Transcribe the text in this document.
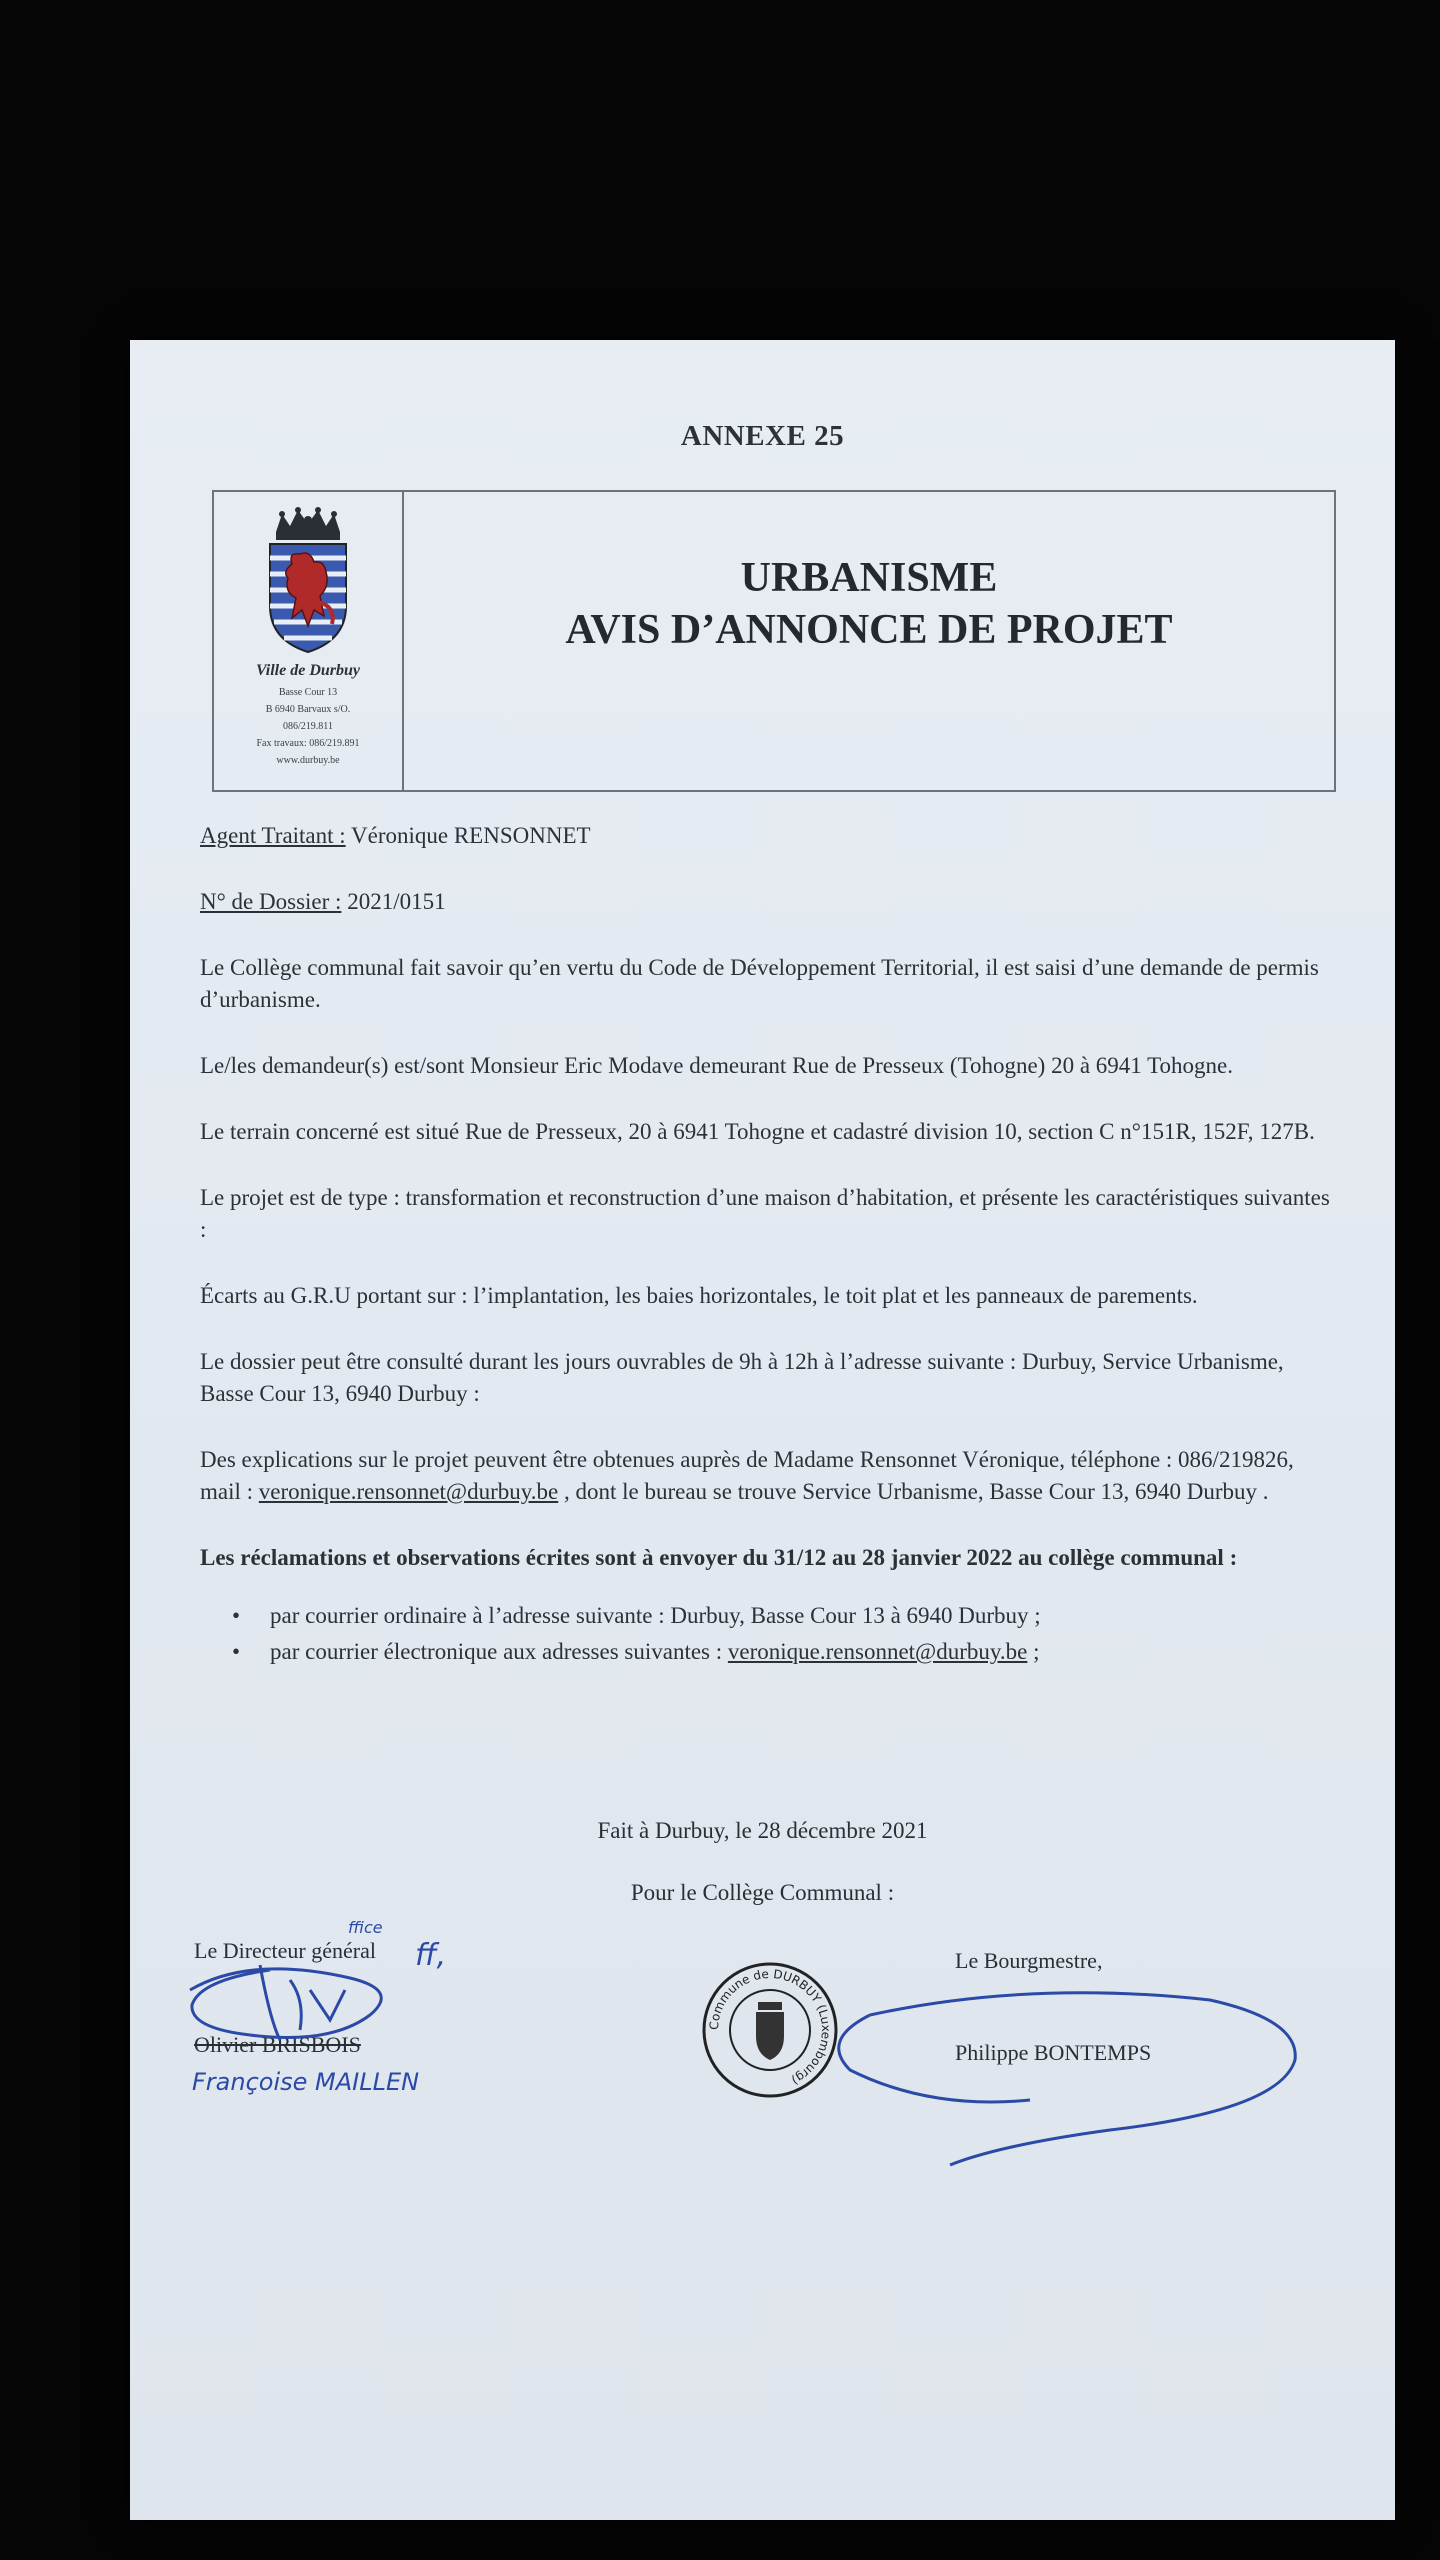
ANNEXE 25
Ville de Durbuy
Basse Cour 13
B 6940 Barvaux s/O.
086/219.811
Fax travaux: 086/219.891
www.durbuy.be
URBANISME
AVIS D’ANNONCE DE PROJET

Agent Traitant : Véronique RENSONNET

N° de Dossier : 2021/0151

Le Collège communal fait savoir qu’en vertu du Code de Développement Territorial, il est saisi d’une demande de permis d’urbanisme.

Le/les demandeur(s) est/sont Monsieur Eric Modave demeurant Rue de Presseux (Tohogne) 20 à 6941 Tohogne.

Le terrain concerné est situé Rue de Presseux, 20 à 6941 Tohogne et cadastré division 10, section C n°151R, 152F, 127B.

Le projet est de type : transformation et reconstruction d’une maison d’habitation, et présente les caractéristiques suivantes :

Écarts au G.R.U portant sur : l’implantation, les baies horizontales, le toit plat et les panneaux de parements.

Le dossier peut être consulté durant les jours ouvrables de 9h à 12h à l’adresse suivante : Durbuy, Service Urbanisme, Basse Cour 13, 6940 Durbuy :

Des explications sur le projet peuvent être obtenues auprès de Madame Rensonnet Véronique, téléphone : 086/219826, mail : veronique.rensonnet@durbuy.be , dont le bureau se trouve Service Urbanisme, Basse Cour 13, 6940 Durbuy .

Les réclamations et observations écrites sont à envoyer du 31/12 au 28 janvier 2022 au collège communal :

• par courrier ordinaire à l’adresse suivante : Durbuy, Basse Cour 13 à 6940 Durbuy ;
• par courrier électronique aux adresses suivantes : veronique.rensonnet@durbuy.be ;
Fait à Durbuy, le 28 décembre 2021
Pour le Collège Communal :
Le Directeur général
Olivier BRISBOIS
ffice
ff,
Françoise MAILLEN
Le Bourgmestre,
Philippe BONTEMPS
Commune de DURBUY (Luxembourg)
